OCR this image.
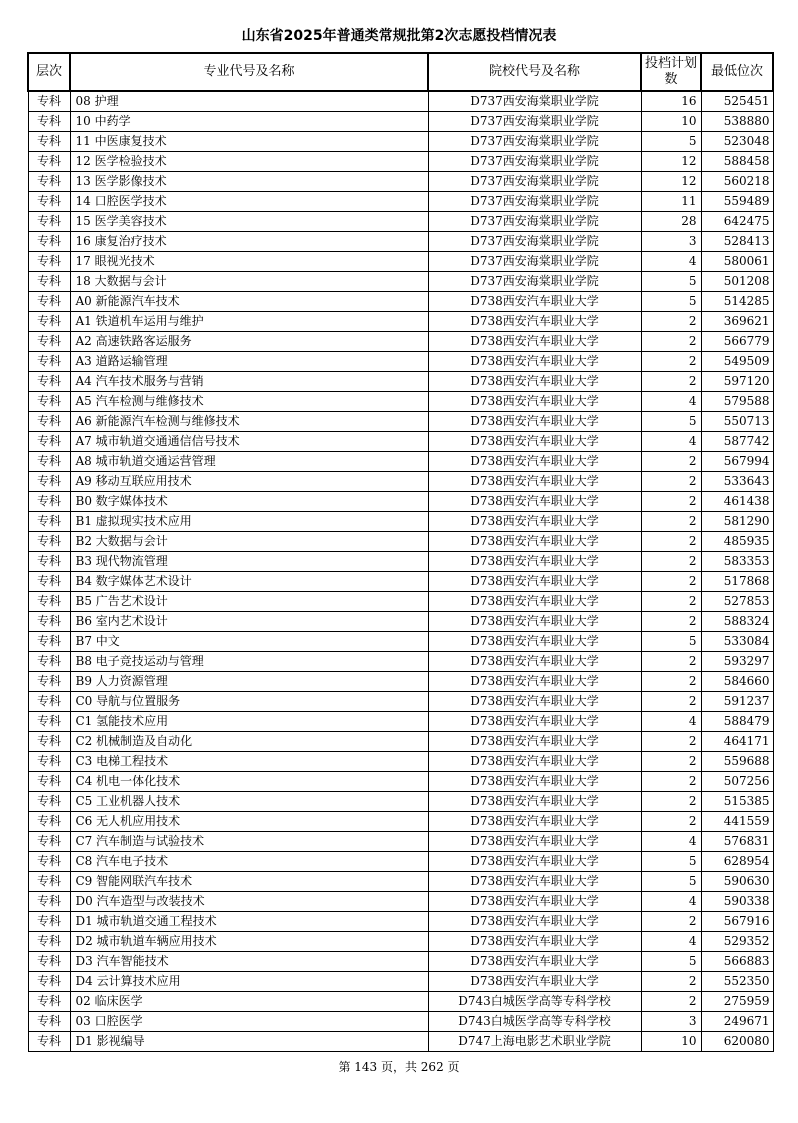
山东省2025年普通类常规批第2次志愿投档情况表
层次	专业代号及名称	院校代号及名称	投档计划数	最低位次
专科	08 护理	D737西安海棠职业学院	16	525451
专科	10 中药学	D737西安海棠职业学院	10	538880
专科	11 中医康复技术	D737西安海棠职业学院	5	523048
专科	12 医学检验技术	D737西安海棠职业学院	12	588458
专科	13 医学影像技术	D737西安海棠职业学院	12	560218
专科	14 口腔医学技术	D737西安海棠职业学院	11	559489
专科	15 医学美容技术	D737西安海棠职业学院	28	642475
专科	16 康复治疗技术	D737西安海棠职业学院	3	528413
专科	17 眼视光技术	D737西安海棠职业学院	4	580061
专科	18 大数据与会计	D737西安海棠职业学院	5	501208
专科	A0 新能源汽车技术	D738西安汽车职业大学	5	514285
专科	A1 铁道机车运用与维护	D738西安汽车职业大学	2	369621
专科	A2 高速铁路客运服务	D738西安汽车职业大学	2	566779
专科	A3 道路运输管理	D738西安汽车职业大学	2	549509
专科	A4 汽车技术服务与营销	D738西安汽车职业大学	2	597120
专科	A5 汽车检测与维修技术	D738西安汽车职业大学	4	579588
专科	A6 新能源汽车检测与维修技术	D738西安汽车职业大学	5	550713
专科	A7 城市轨道交通通信信号技术	D738西安汽车职业大学	4	587742
专科	A8 城市轨道交通运营管理	D738西安汽车职业大学	2	567994
专科	A9 移动互联应用技术	D738西安汽车职业大学	2	533643
专科	B0 数字媒体技术	D738西安汽车职业大学	2	461438
专科	B1 虚拟现实技术应用	D738西安汽车职业大学	2	581290
专科	B2 大数据与会计	D738西安汽车职业大学	2	485935
专科	B3 现代物流管理	D738西安汽车职业大学	2	583353
专科	B4 数字媒体艺术设计	D738西安汽车职业大学	2	517868
专科	B5 广告艺术设计	D738西安汽车职业大学	2	527853
专科	B6 室内艺术设计	D738西安汽车职业大学	2	588324
专科	B7 中文	D738西安汽车职业大学	5	533084
专科	B8 电子竞技运动与管理	D738西安汽车职业大学	2	593297
专科	B9 人力资源管理	D738西安汽车职业大学	2	584660
专科	C0 导航与位置服务	D738西安汽车职业大学	2	591237
专科	C1 氢能技术应用	D738西安汽车职业大学	4	588479
专科	C2 机械制造及自动化	D738西安汽车职业大学	2	464171
专科	C3 电梯工程技术	D738西安汽车职业大学	2	559688
专科	C4 机电一体化技术	D738西安汽车职业大学	2	507256
专科	C5 工业机器人技术	D738西安汽车职业大学	2	515385
专科	C6 无人机应用技术	D738西安汽车职业大学	2	441559
专科	C7 汽车制造与试验技术	D738西安汽车职业大学	4	576831
专科	C8 汽车电子技术	D738西安汽车职业大学	5	628954
专科	C9 智能网联汽车技术	D738西安汽车职业大学	5	590630
专科	D0 汽车造型与改装技术	D738西安汽车职业大学	4	590338
专科	D1 城市轨道交通工程技术	D738西安汽车职业大学	2	567916
专科	D2 城市轨道车辆应用技术	D738西安汽车职业大学	4	529352
专科	D3 汽车智能技术	D738西安汽车职业大学	5	566883
专科	D4 云计算技术应用	D738西安汽车职业大学	2	552350
专科	02 临床医学	D743白城医学高等专科学校	2	275959
专科	03 口腔医学	D743白城医学高等专科学校	3	249671
专科	D1 影视编导	D747上海电影艺术职业学院	10	620080
第 143 页，共 262 页
